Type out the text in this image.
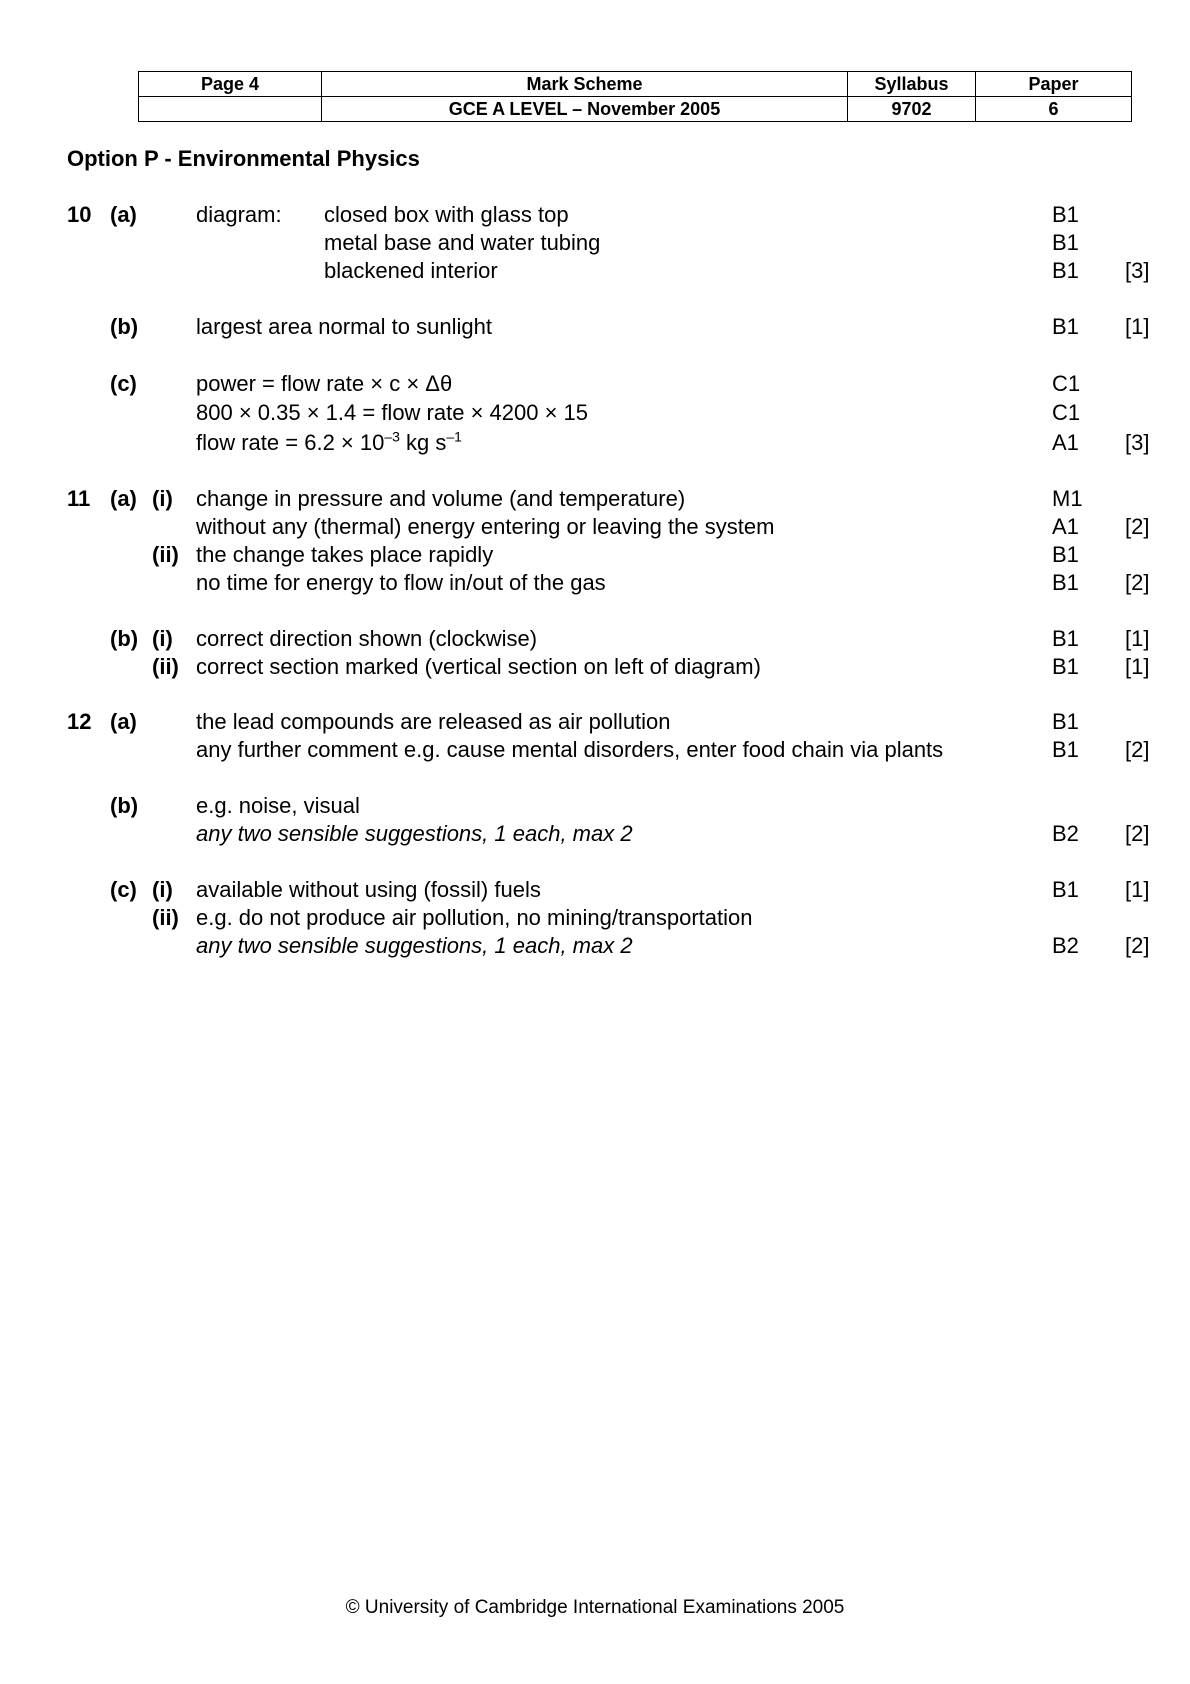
Page 4	Mark Scheme	Syllabus	Paper
	GCE A LEVEL – November 2005	9702	6
Option P - Environmental Physics
10 (a)	diagram: closed box with glass top	B1
metal base and water tubing	B1
blackened interior	B1 [3]
(b)	largest area normal to sunlight	B1 [1]
(c)	power = flow rate × c × Δθ	C1
800 × 0.35 × 1.4 = flow rate × 4200 × 15	C1
flow rate = $6.2 \times 10^{-3}$ kg $s^{-1}$	A1 [3]
11 (a) (i) change in pressure and volume (and temperature)	M1
without any (thermal) energy entering or leaving the system	A1 [2]
(ii) the change takes place rapidly	B1
no time for energy to flow in/out of the gas	B1 [2]
(b) (i) correct direction shown (clockwise)	B1 [1]
(ii) correct section marked (vertical section on left of diagram)	B1 [1]
12 (a)	the lead compounds are released as air pollution	B1
any further comment e.g. cause mental disorders, enter food chain via plants	B1 [2]
(b)	e.g. noise, visual
any two sensible suggestions, 1 each, max 2	B2 [2]
(c) (i) available without using (fossil) fuels	B1 [1]
(ii) e.g. do not produce air pollution, no mining/transportation
any two sensible suggestions, 1 each, max 2	B2 [2]
© University of Cambridge International Examinations 2005
